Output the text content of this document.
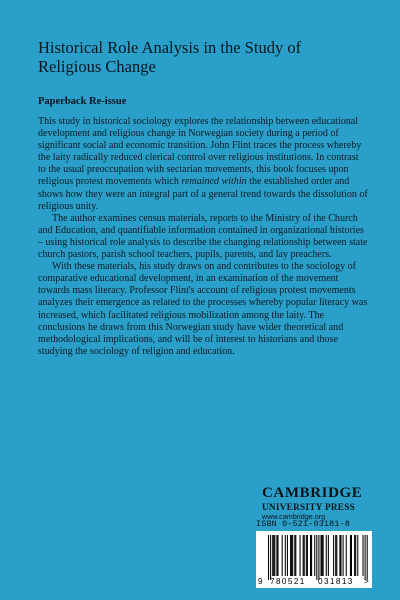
Historical Role Analysis in the Study of Religious Change
Paperback Re-issue

This study in historical sociology explores the relationship between educational development and religious change in Norwegian society during a period of significant social and economic transition. John Flint traces the process whereby the laity radically reduced clerical control over religious institutions. In contrast to the usual preoccupation with sectarian movements, this book focuses upon religious protest movements which remained within the established order and shows how they were an integral part of a general trend towards the dissolution of religious unity.

The author examines census materials, reports to the Ministry of the Church and Education, and quantifiable information contained in organizational histories – using historical role analysis to describe the changing relationship between state church pastors, parish school teachers, pupils, parents, and lay preachers.

With these materials, his study draws on and contributes to the sociology of comparative educational development, in an examination of the movement towards mass literacy. Professor Flint's account of religious protest movements analyzes their emergence as related to the processes whereby popular literacy was increased, which facilitated religious mobilization among the laity. The conclusions he draws from this Norwegian study have wider theoretical and methodological implications, and will be of interest to historians and those studying the sociology of religion and education.

CAMBRIDGE
UNIVERSITY PRESS
www.cambridge.org
ISBN 0-521-03181-8
9 780521 031813 >
